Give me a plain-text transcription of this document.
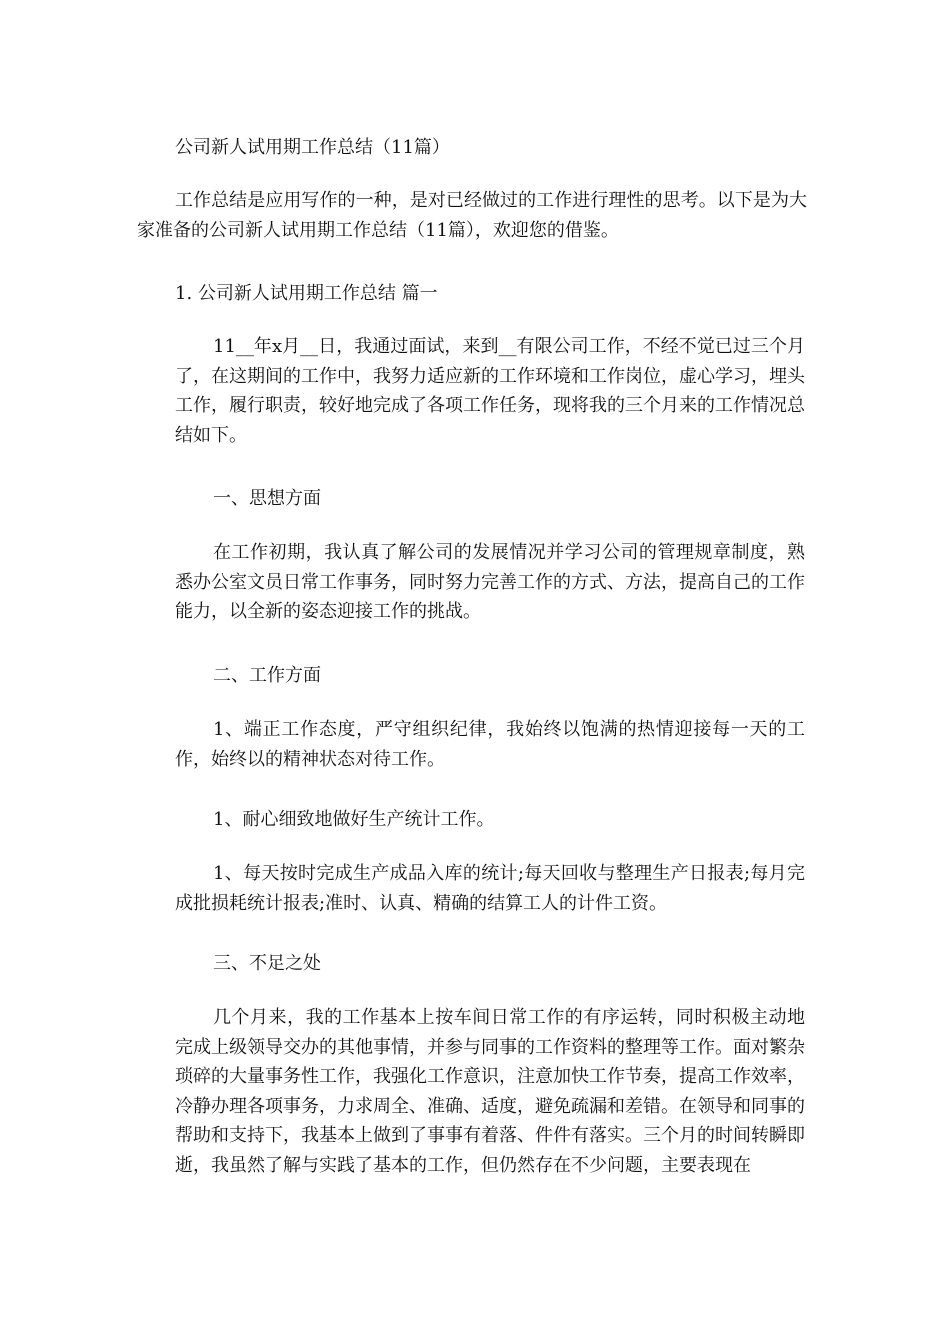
公司新人试用期工作总结（11篇）

工作总结是应用写作的一种，是对已经做过的工作进行理性的思考。以下是为大家准备的公司新人试用期工作总结（11篇），欢迎您的借鉴。

1. 公司新人试用期工作总结 篇一

11__年x月__日，我通过面试，来到__有限公司工作，不经不觉已过三个月了，在这期间的工作中，我努力适应新的工作环境和工作岗位，虚心学习，埋头工作，履行职责，较好地完成了各项工作任务，现将我的三个月来的工作情况总结如下。

一、思想方面

在工作初期，我认真了解公司的发展情况并学习公司的管理规章制度，熟悉办公室文员日常工作事务，同时努力完善工作的方式、方法，提高自己的工作能力，以全新的姿态迎接工作的挑战。

二、工作方面

1、端正工作态度，严守组织纪律，我始终以饱满的热情迎接每一天的工作，始终以的精神状态对待工作。

1、耐心细致地做好生产统计工作。

1、每天按时完成生产成品入库的统计;每天回收与整理生产日报表;每月完成批损耗统计报表;准时、认真、精确的结算工人的计件工资。

三、不足之处

几个月来，我的工作基本上按车间日常工作的有序运转，同时积极主动地完成上级领导交办的其他事情，并参与同事的工作资料的整理等工作。面对繁杂琐碎的大量事务性工作，我强化工作意识，注意加快工作节奏，提高工作效率，冷静办理各项事务，力求周全、准确、适度，避免疏漏和差错。在领导和同事的帮助和支持下，我基本上做到了事事有着落、件件有落实。三个月的时间转瞬即逝，我虽然了解与实践了基本的工作，但仍然存在不少问题，主要表现在
